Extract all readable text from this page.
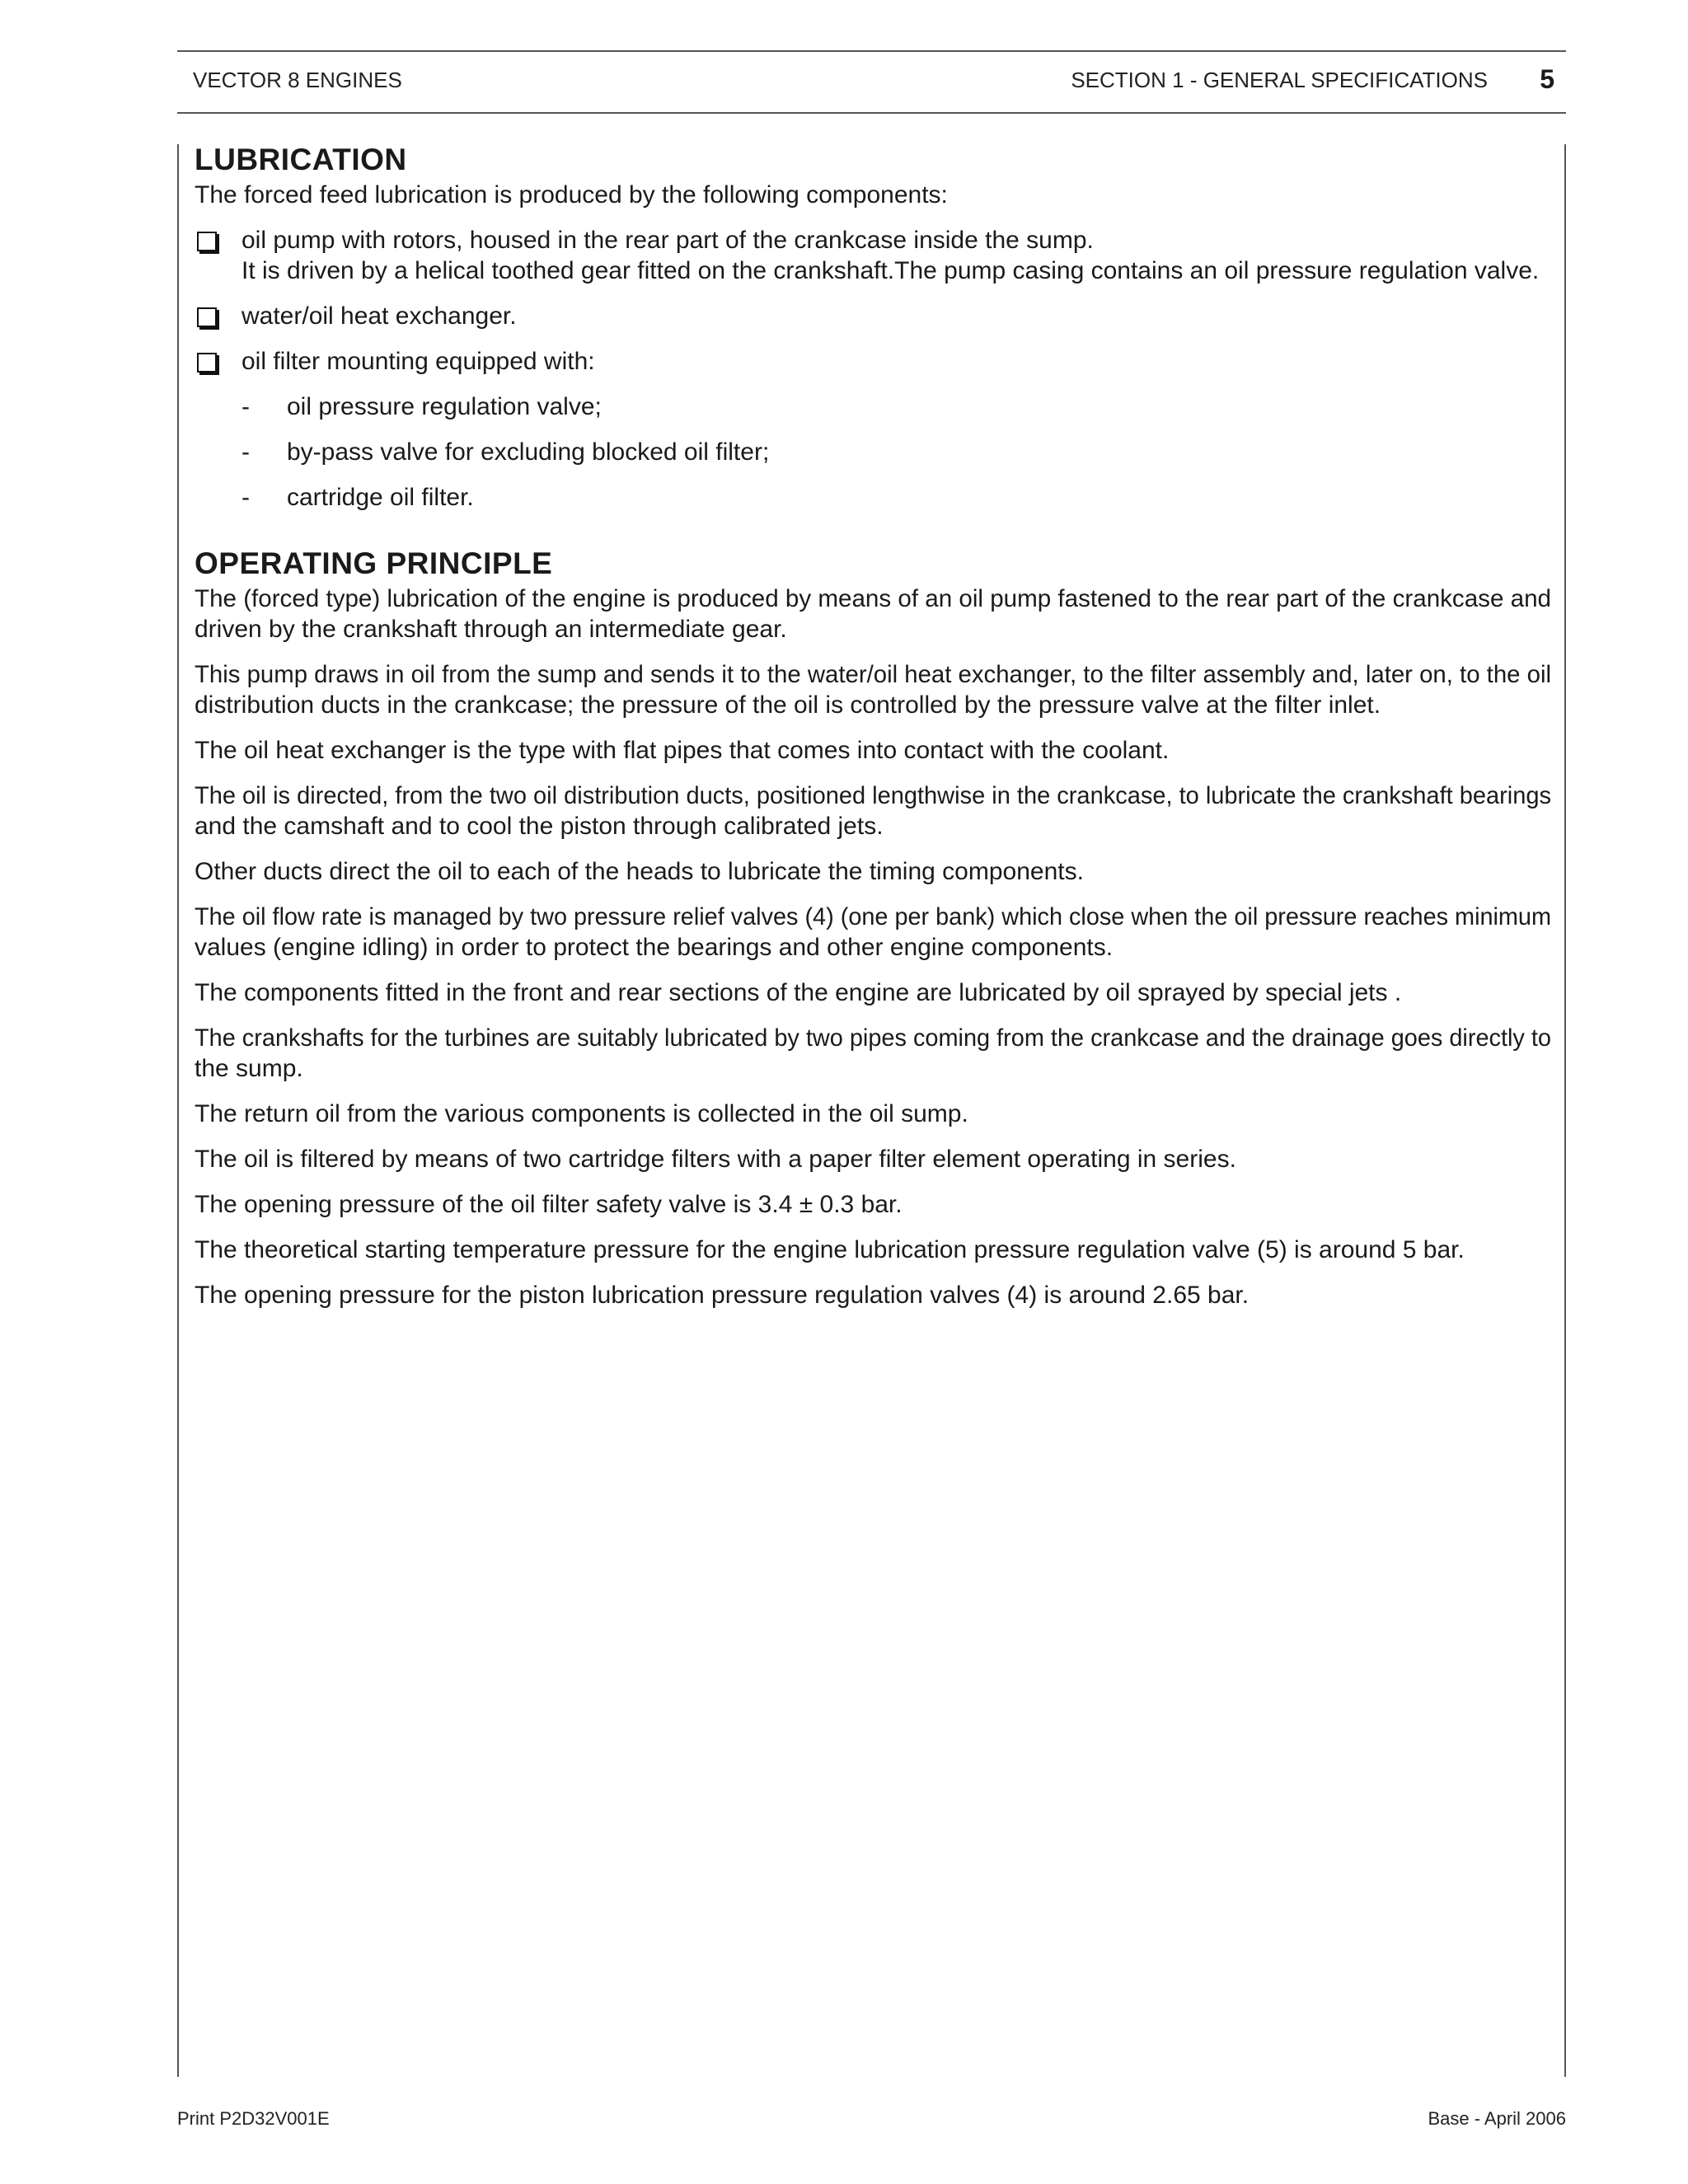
VECTOR 8 ENGINES	SECTION 1 - GENERAL SPECIFICATIONS 5
LUBRICATION
The forced feed lubrication is produced by the following components:
oil pump with rotors, housed in the rear part of the crankcase inside the sump.
It is driven by a helical toothed gear fitted on the crankshaft.The pump casing contains an oil pressure regulation valve.
water/oil heat exchanger.
oil filter mounting equipped with:
- oil pressure regulation valve;
- by-pass valve for excluding blocked oil filter;
- cartridge oil filter.
OPERATING PRINCIPLE
The (forced type) lubrication of the engine is produced by means of an oil pump fastened to the rear part of the crankcase and
driven by the crankshaft through an intermediate gear.
This pump draws in oil from the sump and sends it to the water/oil heat exchanger, to the filter assembly and, later on, to the oil
distribution ducts in the crankcase; the pressure of the oil is controlled by the pressure valve at the filter inlet.
The oil heat exchanger is the type with flat pipes that comes into contact with the coolant.
The oil is directed, from the two oil distribution ducts, positioned lengthwise in the crankcase, to lubricate the crankshaft bearings
and the camshaft and to cool the piston through calibrated jets.
Other ducts direct the oil to each of the heads to lubricate the timing components.
The oil flow rate is managed by two pressure relief valves (4) (one per bank) which close when the oil pressure reaches minimum
values (engine idling) in order to protect the bearings and other engine components.
The components fitted in the front and rear sections of the engine are lubricated by oil sprayed by special jets .
The crankshafts for the turbines are suitably lubricated by two pipes coming from the crankcase and the drainage goes directly to
the sump.
The return oil from the various components is collected in the oil sump.
The oil is filtered by means of two cartridge filters with a paper filter element operating in series.
The opening pressure of the oil filter safety valve is 3.4 ± 0.3 bar.
The theoretical starting temperature pressure for the engine lubrication pressure regulation valve (5) is around 5 bar.
The opening pressure for the piston lubrication pressure regulation valves (4) is around 2.65 bar.
Print P2D32V001E	Base - April 2006
